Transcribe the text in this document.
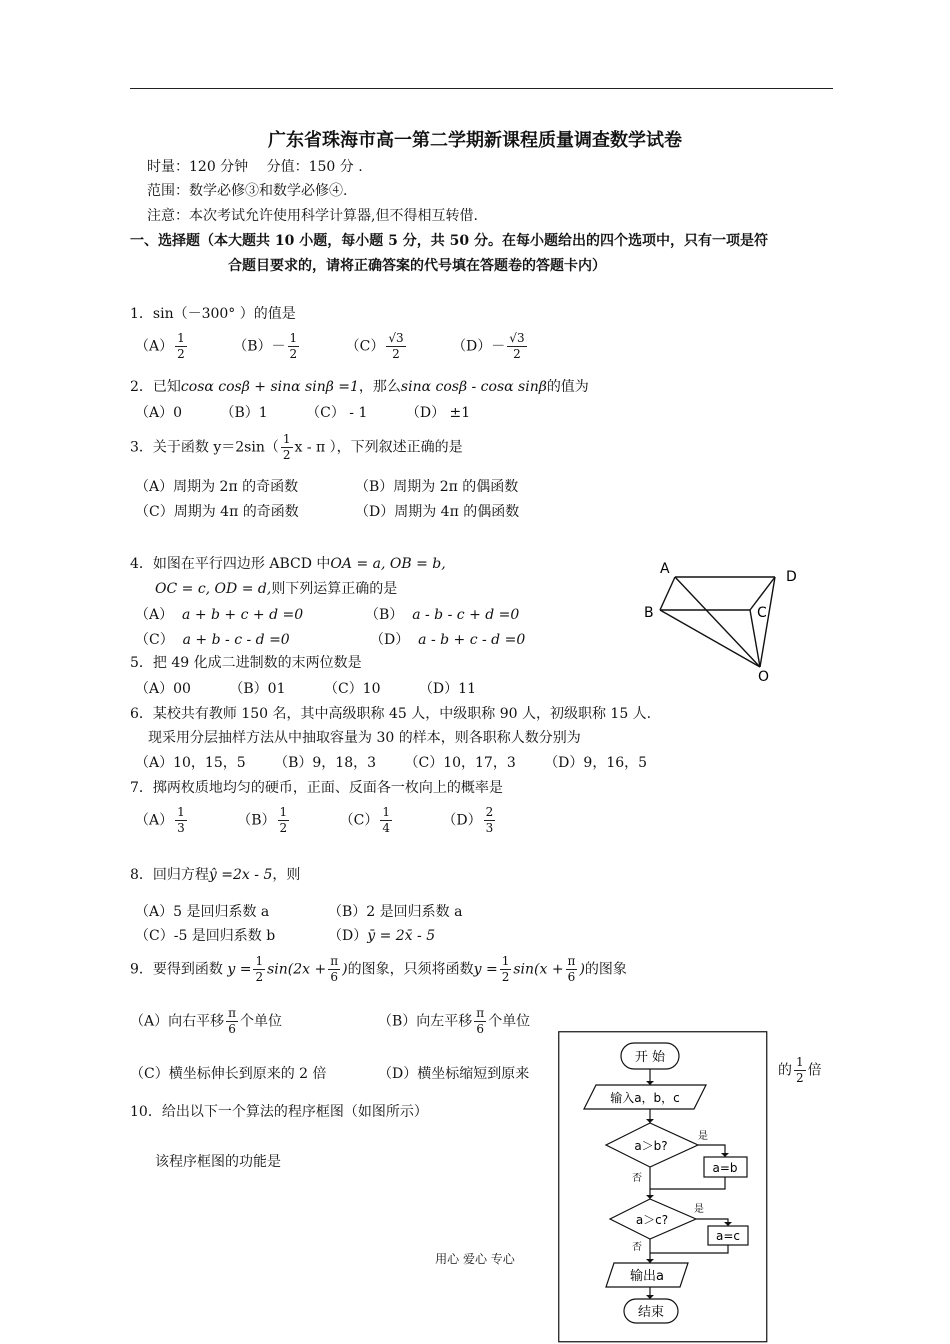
广东省珠海市高一第二学期新课程质量调查数学试卷
时量：120 分钟　 分值：150 分 .
范围：数学必修③和数学必修④.
注意：本次考试允许使用科学计算器,但不得相互转借.
一、选择题（本大题共 10 小题，每小题 5 分，共 50 分。在每小题给出的四个选项中，只有一项是符
合题目要求的，请将正确答案的代号填在答题卷的答题卡内）
1．sin（－300° ）的值是
$(A) \frac{1}{2}$	$(B)- \frac{1}{2}$	$(C) \frac{√3}{2}$	$(D)- \frac{√3}{2}$
2．已知cosα cosβ + sinα sinβ =1，那么sinα cosβ - cosα sinβ的值为
（A）0	（B）1	（C） - 1	（D） ±1
3．关于函数 $y=2\sin( \frac{1}{2}$ x - π ），下列叙述正确的是
（A）周期为 2π 的奇函数	（B）周期为 2π 的偶函数
（C）周期为 4π 的奇函数	（D）周期为 4π 的偶函数
4．如图在平行四边形 ABCD 中OA = a, OB = b,
OC = c, OD = d,则下列运算正确的是
（A） a + b + c + d =0	（B） a - b - c + d =0
（C） a + b - c - d =0	（D） a - b + c - d =0
A	D
B	C
O
5．把 49 化成二进制数的末两位数是
（A）00	（B）01	（C）10	（D）11
6．某校共有教师 150 名，其中高级职称 45 人，中级职称 90 人，初级职称 15 人.
现采用分层抽样方法从中抽取容量为 30 的样本，则各职称人数分别为
（A）10，15，5 （B）9，18，3 （C）10，17，3 （D）9，16，5
7．掷两枚质地均匀的硬币，正面、反面各一枚向上的概率是
$(A) \frac{1}{3}$	$(B) \frac{1}{2}$	$(C) \frac{1}{4}$	$(D) \frac{2}{3}$
8．回归方程ŷ =2x - 5，则
（A）5 是回归系数 a	（B）2 是回归系数 a
（C）-5 是回归系数 b	（D）ȳ = 2x̄ - 5
9．要得到函数 $y = \frac{1}{2} \sin(2x + \frac{\pi}{6}$ )的图象，只须将函数$y = \frac{1}{2} \sin(x + \frac{\pi}{6}$ )的图象
（A）向右平移 $\frac{\pi}{6}$ 个单位	（B）向左平移 $\frac{\pi}{6}$ 个单位
（C）横坐标伸长到原来的 2 倍	（D）横坐标缩短到原来	的 $\frac{1}{2}$ 倍
10．给出以下一个算法的程序框图（如图所示）
该程序框图的功能是
开 始
输入a，b，c
a＞b?
是
a=b
否
a＞c?
是
a=c
否
输出a
结束
用心 爱心 专心
